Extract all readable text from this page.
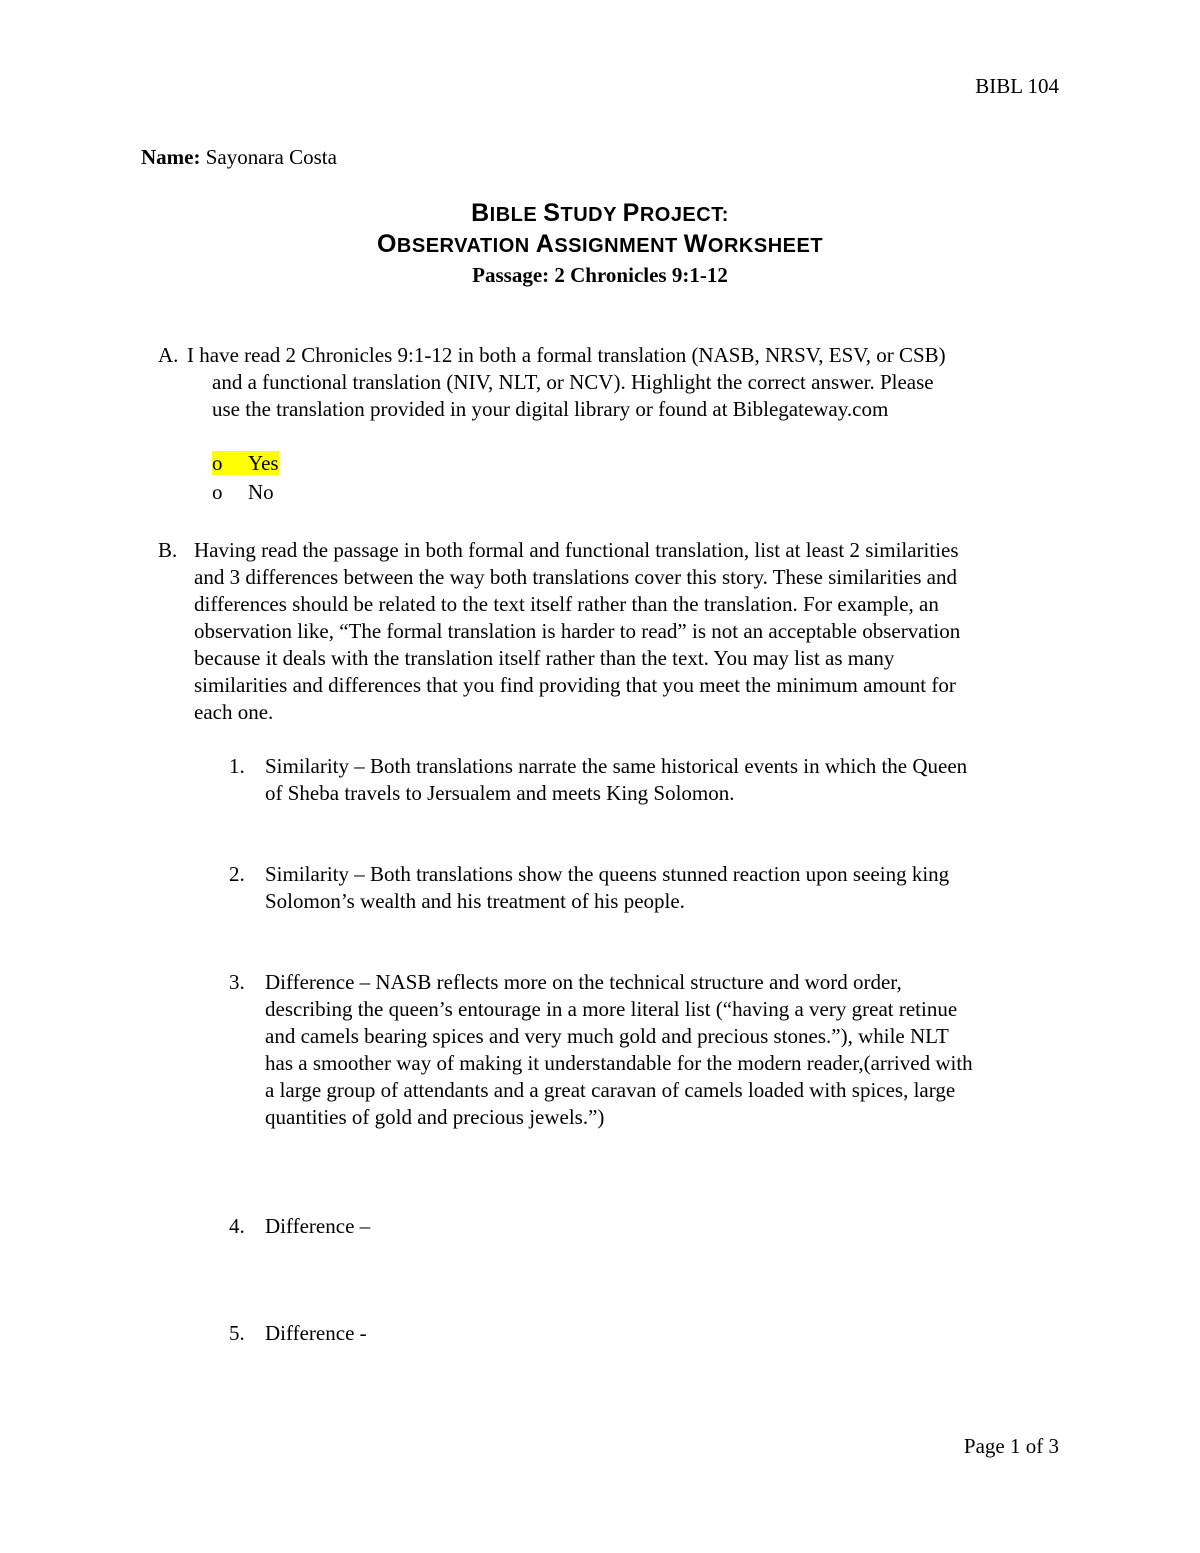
BIBL 104
Name: Sayonara Costa
BIBLE STUDY PROJECT:
OBSERVATION ASSIGNMENT WORKSHEET
Passage: 2 Chronicles 9:1-12
A. I have read 2 Chronicles 9:1-12 in both a formal translation (NASB, NRSV, ESV, or CSB)
and a functional translation (NIV, NLT, or NCV). Highlight the correct answer. Please
use the translation provided in your digital library or found at Biblegateway.com
o Yes
o No
B. Having read the passage in both formal and functional translation, list at least 2 similarities
and 3 differences between the way both translations cover this story. These similarities and
differences should be related to the text itself rather than the translation. For example, an
observation like, “The formal translation is harder to read” is not an acceptable observation
because it deals with the translation itself rather than the text. You may list as many
similarities and differences that you find providing that you meet the minimum amount for
each one.
1. Similarity – Both translations narrate the same historical events in which the Queen
of Sheba travels to Jersualem and meets King Solomon.
2. Similarity – Both translations show the queens stunned reaction upon seeing king
Solomon’s wealth and his treatment of his people.
3. Difference – NASB reflects more on the technical structure and word order,
describing the queen’s entourage in a more literal list (“having a very great retinue
and camels bearing spices and very much gold and precious stones.”), while NLT
has a smoother way of making it understandable for the modern reader,(arrived with
a large group of attendants and a great caravan of camels loaded with spices, large
quantities of gold and precious jewels.”)
4. Difference –
5. Difference -
Page 1 of 3
